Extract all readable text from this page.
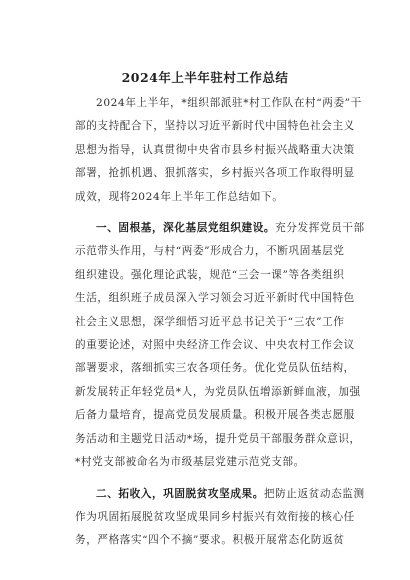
2024年上半年驻村工作总结

2024年上半年，*组织部派驻*村工作队在村“两委”干
部的支持配合下，坚持以习近平新时代中国特色社会主义
思想为指导，认真贯彻中央省市县乡村振兴战略重大决策
部署，抢抓机遇、狠抓落实，乡村振兴各项工作取得明显
成效，现将2024年上半年工作总结如下。

一、固根基，深化基层党组织建设。充分发挥党员干部
示范带头作用，与村“两委”形成合力，不断巩固基层党
组织建设。强化理论武装，规范“三会一课”等各类组织
生活，组织班子成员深入学习领会习近平新时代中国特色
社会主义思想，深学细悟习近平总书记关于“三农”工作
的重要论述，对照中央经济工作会议、中央农村工作会议
部署要求，落细抓实三农各项任务。优化党员队伍结构，
新发展转正年轻党员*人，为党员队伍增添新鲜血液，加强
后备力量培育，提高党员发展质量。积极开展各类志愿服
务活动和主题党日活动*场，提升党员干部服务群众意识，
*村党支部被命名为市级基层党建示范党支部。

二、拓收入，巩固脱贫攻坚成果。把防止返贫动态监测
作为巩固拓展脱贫攻坚成果同乡村振兴有效衔接的核心任
务，严格落实“四个不摘”要求。积极开展常态化防返贫
